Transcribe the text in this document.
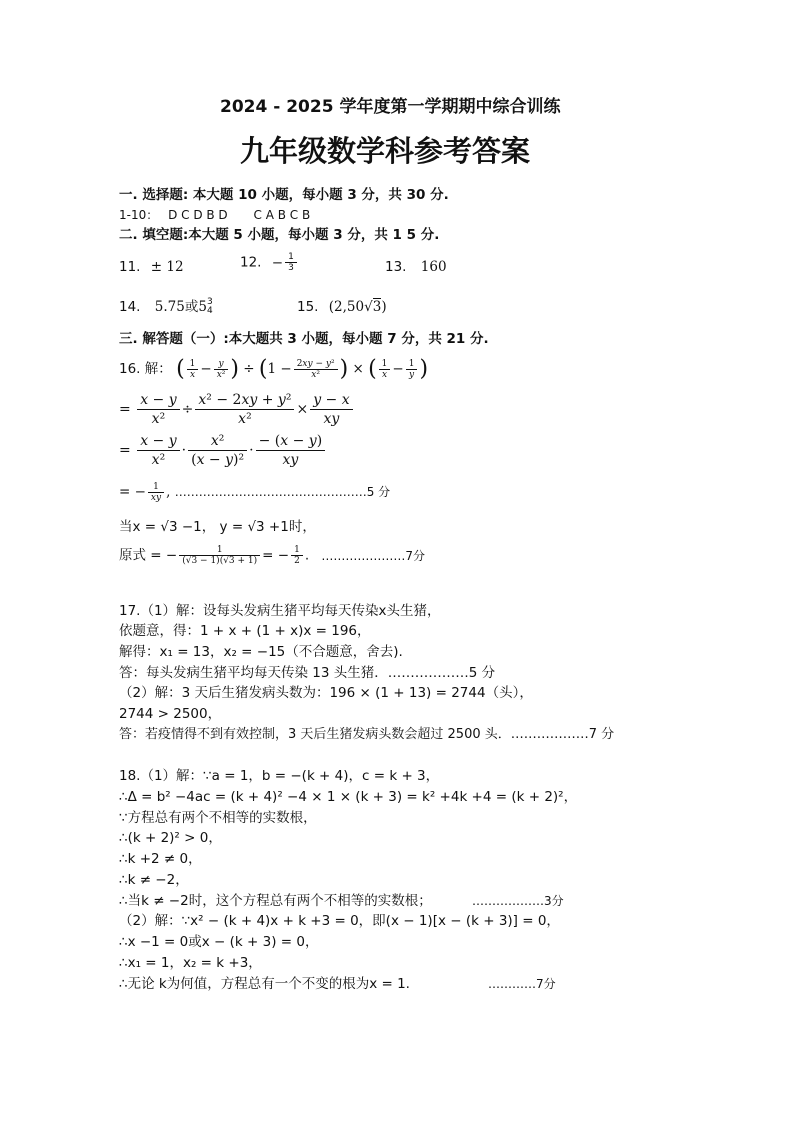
2024 - 2025 学年度第一学期期中综合训练
九年级数学科参考答案
一. 选择题: 本大题 10 小题，每小题 3 分，共 30 分.
1-10： D C D B D C A B C B
二. 填空题:本大题 5 小题，每小题 3 分，共 1 5 分.
11. ± 12	12. − $\frac{1}{3}$	13. 160
14. 5.75或5 3
4	15. (2,50√3)
三. 解答题（一）:本大题共 3 小题，每小题 7 分，共 21 分.
16. 解： ( $\frac{1}{x} - \frac{y}{\text{x²}}$ ) ÷ ($1 - \frac{\text{2xy − y²}}{\text{x²}}$ ) × ( $\frac{1}{x} - \frac{1}{y}$ )
= $\frac{x - y}{\text{x²}} \div \frac{\text{x² − 2xy + y²}}{\text{x²}} \times \frac{y - x}{xy}$
= $\frac{x - y}{\text{x²}} \cdot \frac{\text{x²}}{\text{(x − y)²}} \cdot \frac{- (x - y)}{xy}$
= − $\frac{1}{xy}$ , …………………………………………5 分
当x = √3 −1， y = √3 +1时，
原式 = − $\frac{1}{(√3 - 1)(√3 + 1)}$ = − $\frac{1}{2}$ . …………………7分
17.（1）解：设每头发病生猪平均每天传染x头生猪，
依题意，得：1 + x + (1 + x)x = 196，
解得：x₁ = 13，x₂ = −15（不合题意，舍去).
答：每头发病生猪平均每天传染 13 头生猪．………………5 分
（2）解：3 天后生猪发病头数为：196 × (1 + 13) = 2744（头），
2744 > 2500，
答：若疫情得不到有效控制，3 天后生猪发病头数会超过 2500 头．………………7 分
18.（1）解：∵a = 1，b = −(k + 4)，c = k + 3，
∴Δ = b² −4ac = (k + 4)² −4 × 1 × (k + 3) = k² +4k +4 = (k + 2)²，
∵方程总有两个不相等的实数根，
∴(k + 2)² > 0，
∴k +2 ≠ 0，
∴k ≠ −2，
∴当k ≠ −2时，这个方程总有两个不相等的实数根；	………………3分
（2）解：∵x² − (k + 4)x + k +3 = 0，即(x − 1)[x − (k + 3)] = 0，
∴x −1 = 0或x − (k + 3) = 0，
∴x₁ = 1，x₂ = k +3，
∴无论 k为何值，方程总有一个不变的根为x = 1.	…………7分
